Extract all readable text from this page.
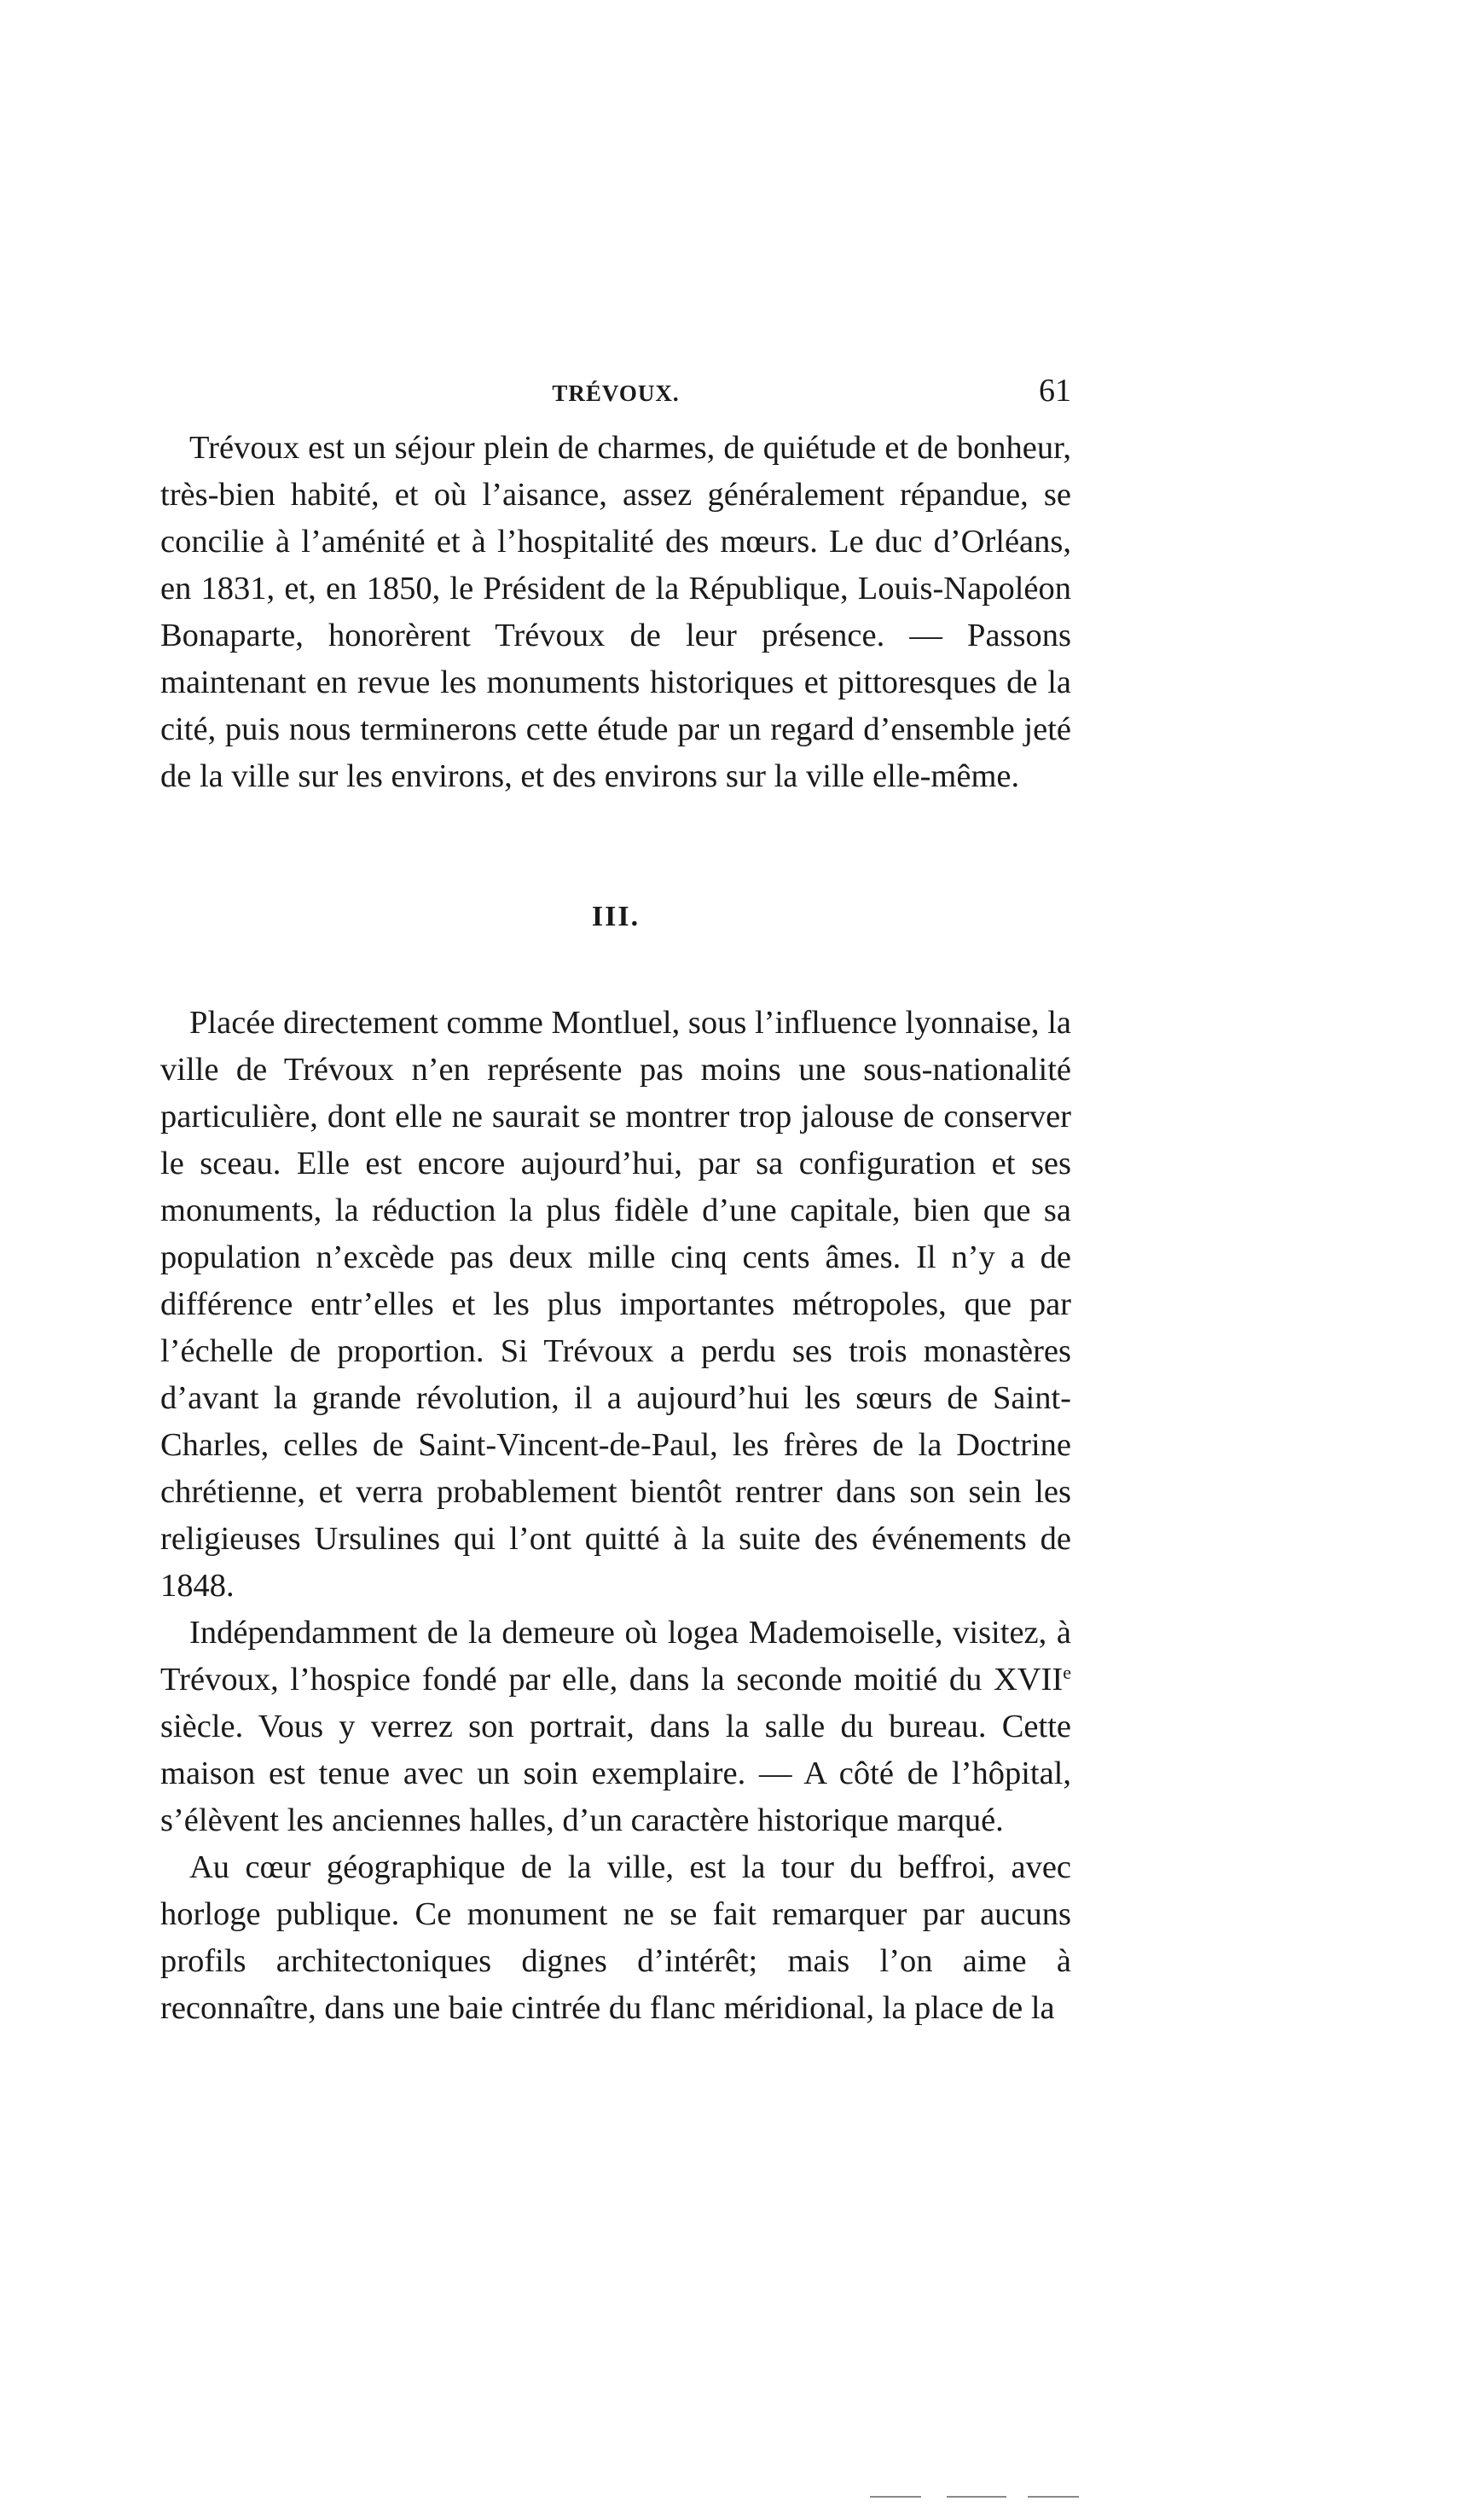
TRÉVOUX.	61

Trévoux est un séjour plein de charmes, de quiétude et de bonheur, très-bien habité, et où l’aisance, assez généralement répandue, se concilie à l’aménité et à l’hospitalité des mœurs. Le duc d’Orléans, en 1831, et, en 1850, le Président de la République, Louis-Napoléon Bonaparte, honorèrent Trévoux de leur présence. — Passons maintenant en revue les monuments historiques et pittoresques de la cité, puis nous terminerons cette étude par un regard d’ensemble jeté de la ville sur les environs, et des environs sur la ville elle-même.

III.

Placée directement comme Montluel, sous l’influence lyonnaise, la ville de Trévoux n’en représente pas moins une sous-nationalité particulière, dont elle ne saurait se montrer trop jalouse de conserver le sceau. Elle est encore aujourd’hui, par sa configuration et ses monuments, la réduction la plus fidèle d’une capitale, bien que sa population n’excède pas deux mille cinq cents âmes. Il n’y a de différence entr’elles et les plus importantes métropoles, que par l’échelle de proportion. Si Trévoux a perdu ses trois monastères d’avant la grande révolution, il a aujourd’hui les sœurs de Saint-Charles, celles de Saint-Vincent-de-Paul, les frères de la Doctrine chrétienne, et verra probablement bientôt rentrer dans son sein les religieuses Ursulines qui l’ont quitté à la suite des événements de 1848.

Indépendamment de la demeure où logea Mademoiselle, visitez, à Trévoux, l’hospice fondé par elle, dans la seconde moitié du XVIIe siècle. Vous y verrez son portrait, dans la salle du bureau. Cette maison est tenue avec un soin exemplaire. — A côté de l’hôpital, s’élèvent les anciennes halles, d’un caractère historique marqué.

Au cœur géographique de la ville, est la tour du beffroi, avec horloge publique. Ce monument ne se fait remarquer par aucuns profils architectoniques dignes d’intérêt; mais l’on aime à reconnaître, dans une baie cintrée du flanc méridional, la place de la
